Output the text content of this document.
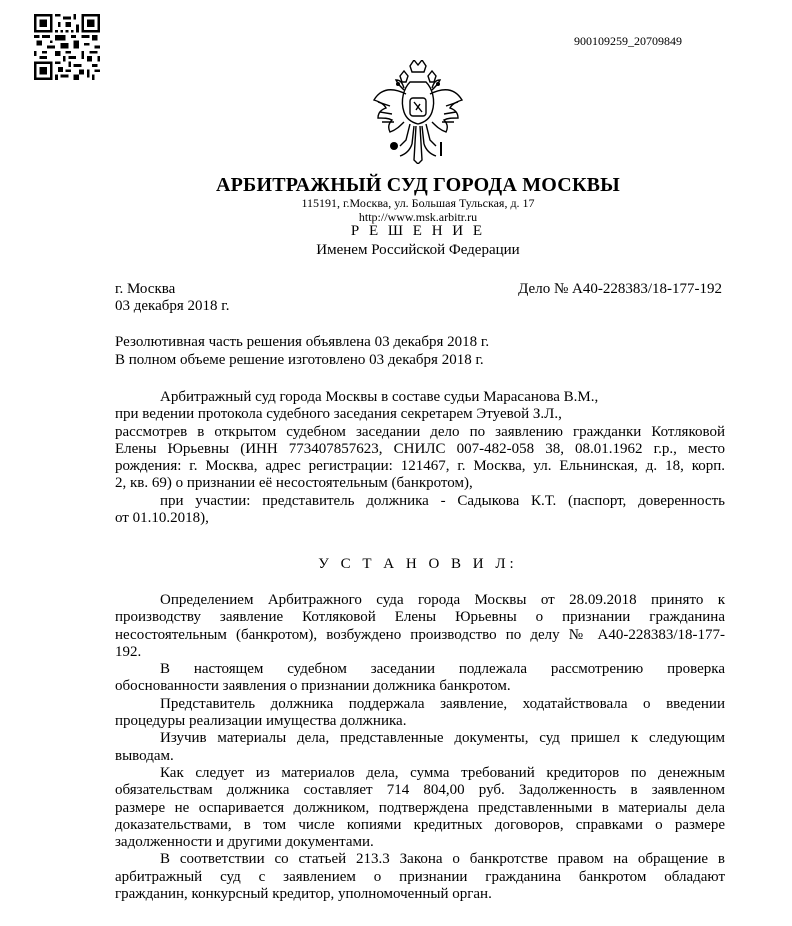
900109259_20709849
АРБИТРАЖНЫЙ СУД ГОРОДА МОСКВЫ
115191, г.Москва, ул. Большая Тульская, д. 17
http://www.msk.arbitr.ru
Р Е Ш Е Н И Е
Именем Российской Федерации
г. Москва	Дело № А40-228383/18-177-192
03 декабря 2018 г.
Резолютивная часть решения объявлена 03 декабря 2018 г.
В полном объеме решение изготовлено 03 декабря 2018 г.
Арбитражный суд города Москвы в составе судьи Марасанова В.М.,
при ведении протокола судебного заседания секретарем Этуевой З.Л.,
рассмотрев в открытом судебном заседании дело по заявлению гражданки Котляковой
Елены Юрьевны (ИНН 773407857623, СНИЛС 007-482-058 38, 08.01.1962 г.р., место
рождения: г. Москва, адрес регистрации: 121467, г. Москва, ул. Ельнинская, д. 18, корп.
2, кв. 69) о признании её несостоятельным (банкротом),
при участии: представитель должника - Садыкова К.Т. (паспорт, доверенность
от 01.10.2018),
У С Т А Н О В И Л:
Определением Арбитражного суда города Москвы от 28.09.2018 принято к
производству заявление Котляковой Елены Юрьевны о признании гражданина
несостоятельным (банкротом), возбуждено производство по делу № А40-228383/18-177-
192.
В настоящем судебном заседании подлежала рассмотрению проверка
обоснованности заявления о признании должника банкротом.
Представитель должника поддержала заявление, ходатайствовала о введении
процедуры реализации имущества должника.
Изучив материалы дела, представленные документы, суд пришел к следующим
выводам.
Как следует из материалов дела, сумма требований кредиторов по денежным
обязательствам должника составляет 714 804,00 руб. Задолженность в заявленном
размере не оспаривается должником, подтверждена представленными в материалы дела
доказательствами, в том числе копиями кредитных договоров, справками о размере
задолженности и другими документами.
В соответствии со статьей 213.3 Закона о банкротстве правом на обращение в
арбитражный суд с заявлением о признании гражданина банкротом обладают
гражданин, конкурсный кредитор, уполномоченный орган.
